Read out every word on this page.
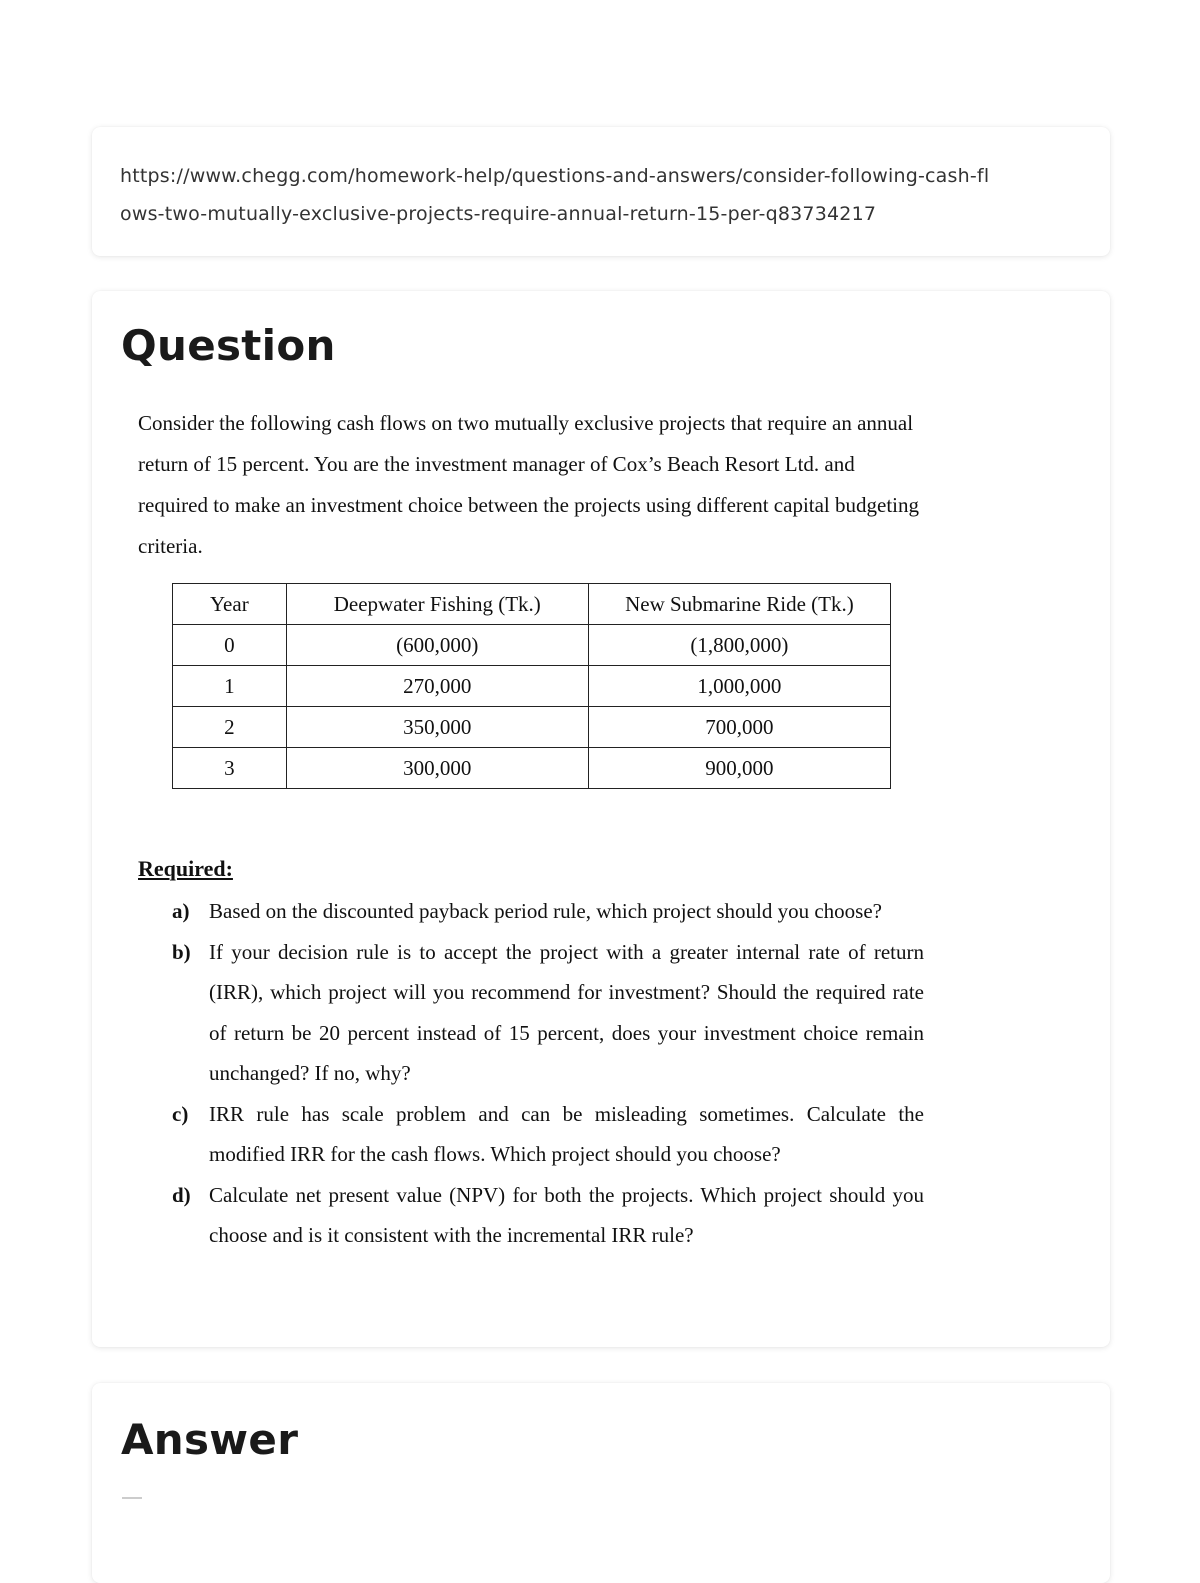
https://www.chegg.com/homework-help/questions-and-answers/consider-following-cash-fl
ows-two-mutually-exclusive-projects-require-annual-return-15-per-q83734217

Question

Consider the following cash flows on two mutually exclusive projects that require an annual return of 15 percent. You are the investment manager of Cox’s Beach Resort Ltd. and required to make an investment choice between the projects using different capital budgeting criteria.

Year	Deepwater Fishing (Tk.)	New Submarine Ride (Tk.)
0	(600,000)	(1,800,000)
1	270,000	1,000,000
2	350,000	700,000
3	300,000	900,000

Required:

a) Based on the discounted payback period rule, which project should you choose?
b) If your decision rule is to accept the project with a greater internal rate of return (IRR), which project will you recommend for investment? Should the required rate of return be 20 percent instead of 15 percent, does your investment choice remain unchanged? If no, why?
c) IRR rule has scale problem and can be misleading sometimes. Calculate the modified IRR for the cash flows. Which project should you choose?
d) Calculate net present value (NPV) for both the projects. Which project should you choose and is it consistent with the incremental IRR rule?
Answer
